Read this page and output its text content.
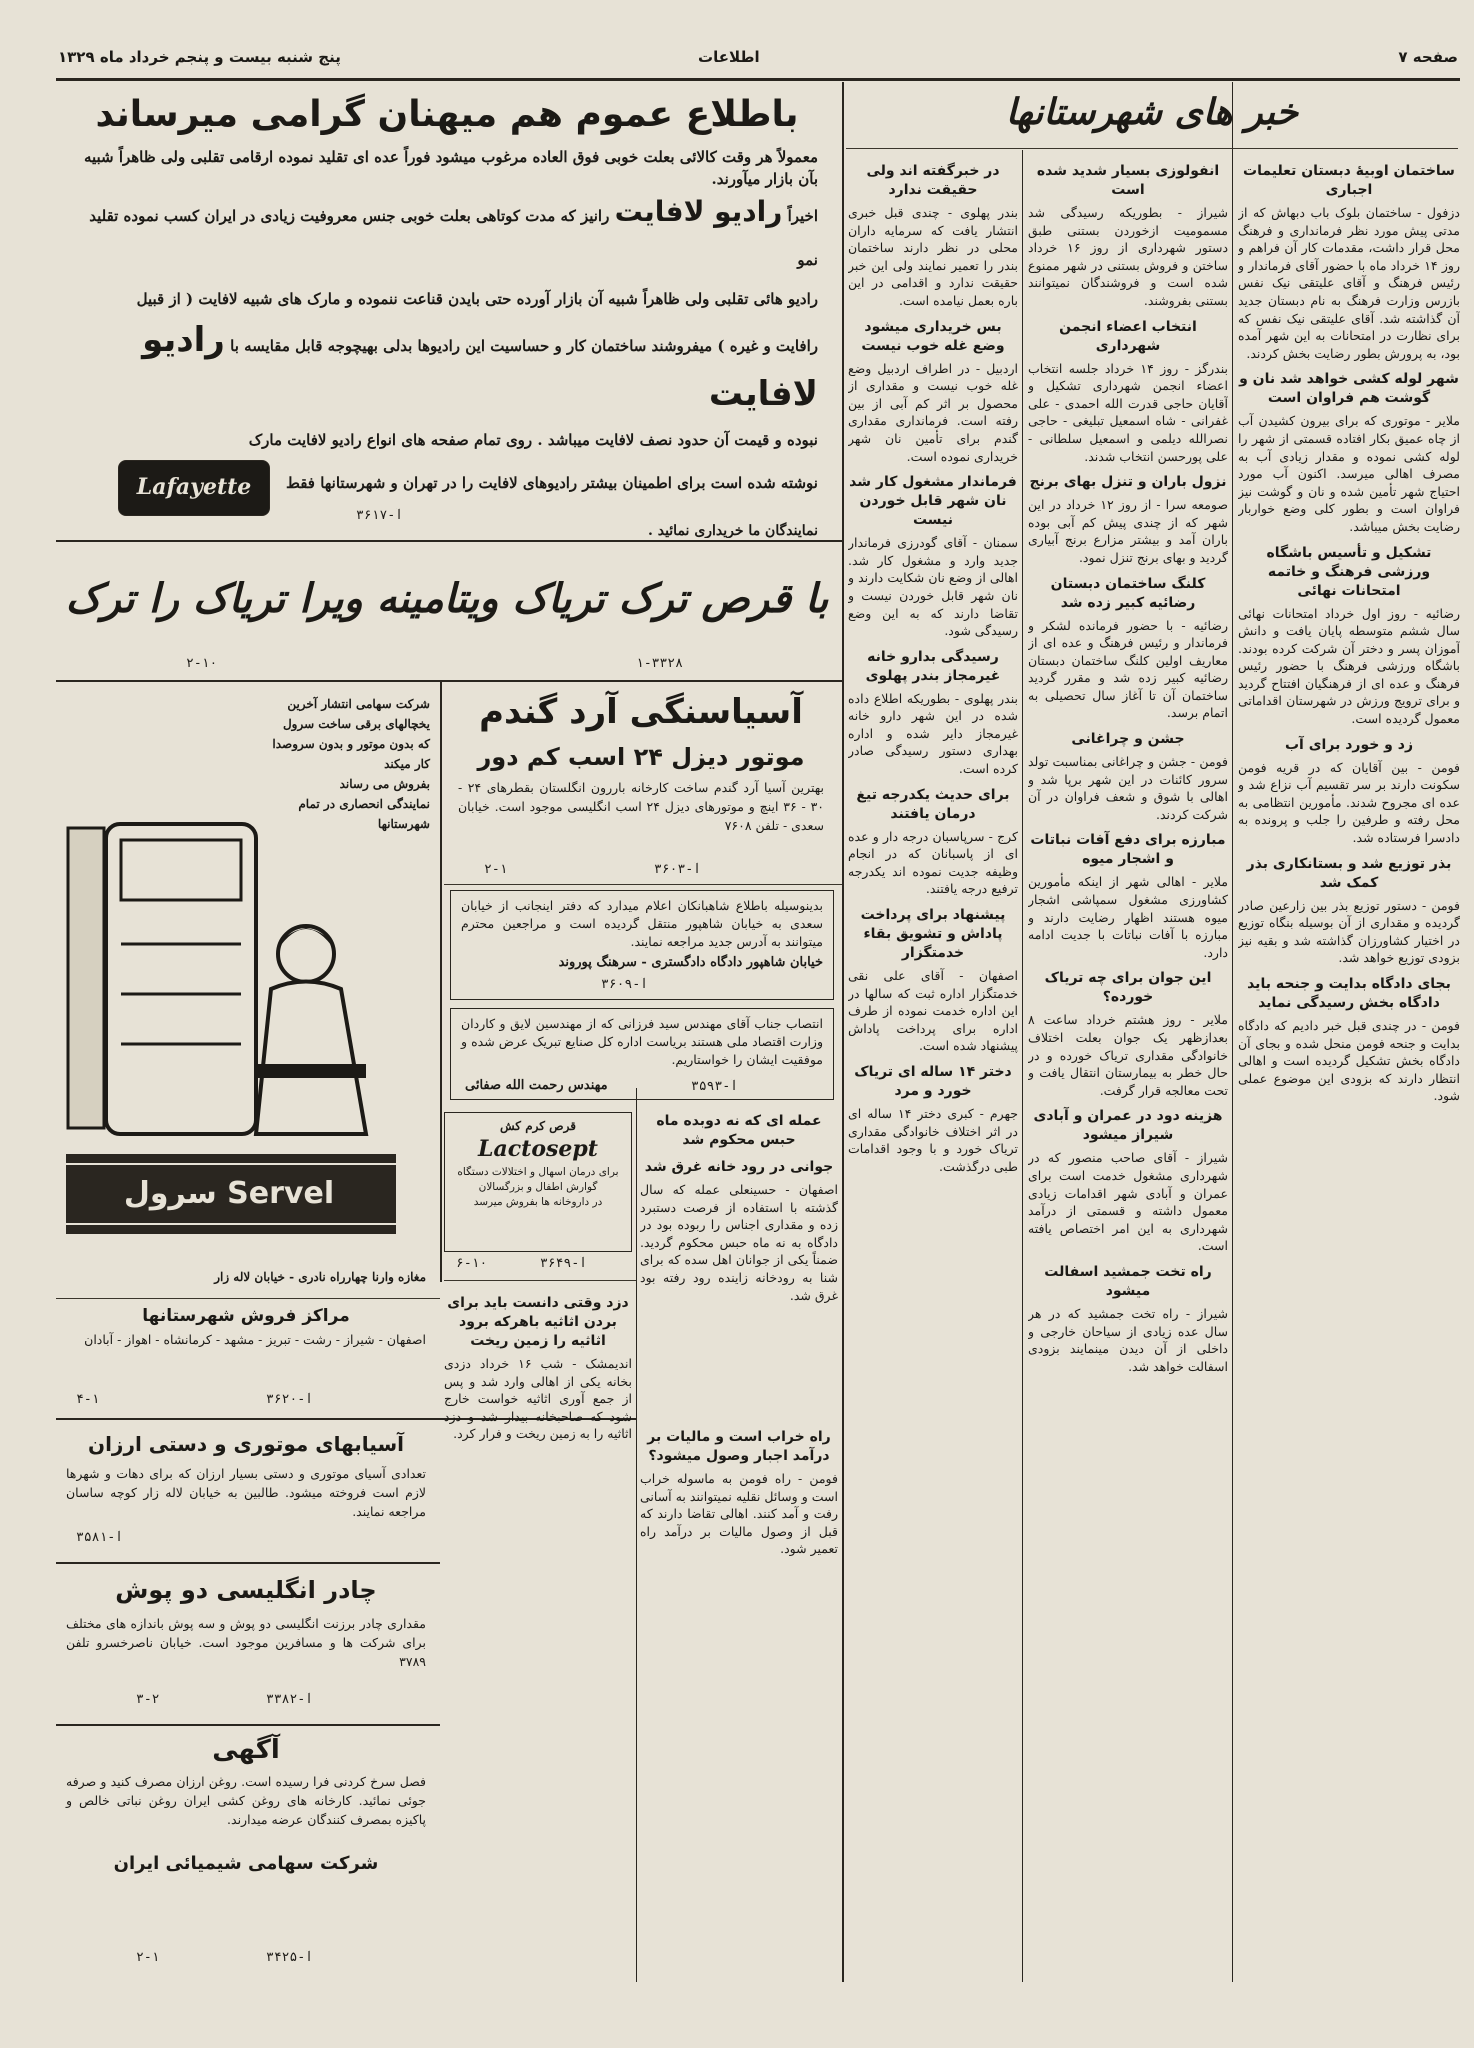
صفحه ۷
اطلاعات
پنج شنبه بیست و پنجم خرداد ماه ۱۳۲۹
خبر های شهرستانها
ساختمان اوبیهٔ دبستان تعلیمات اجباری

دزفول - ساختمان بلوک باب دبهاش که از مدتی پیش مورد نظر فرمانداری و فرهنگ محل قرار داشت، مقدمات کار آن فراهم و روز ۱۴ خرداد ماه با حضور آقای فرماندار و رئیس فرهنگ و آقای علیتقی نیک نفس بازرس وزارت فرهنگ به نام دبستان جدید آن گذاشته شد. آقای علیتقی نیک نفس که برای نظارت در امتحانات به این شهر آمده بود، به پرورش بطور رضایت بخش کردند.

شهر لوله کشی خواهد شد نان و گوشت هم فراوان است

ملایر - موتوری که برای بیرون کشیدن آب از چاه عمیق بکار افتاده قسمتی از شهر را لوله کشی نموده و مقدار زیادی آب به مصرف اهالی میرسد. اکنون آب مورد احتیاج شهر تأمین شده و نان و گوشت نیز فراوان است و بطور کلی وضع خواربار رضایت بخش میباشد.

تشکیل و تأسیس باشگاه ورزشی فرهنگ و خاتمه امتحانات نهائی

رضائیه - روز اول خرداد امتحانات نهائی سال ششم متوسطه پایان یافت و دانش آموزان پسر و دختر آن شرکت کرده بودند. باشگاه ورزشی فرهنگ با حضور رئیس فرهنگ و عده ای از فرهنگیان افتتاح گردید و برای ترویج ورزش در شهرستان اقداماتی معمول گردیده است.

زد و خورد برای آب

فومن - بین آقایان که در قریه فومن سکونت دارند بر سر تقسیم آب نزاع شد و عده ای مجروح شدند. مأمورین انتظامی به محل رفته و طرفین را جلب و پرونده به دادسرا فرستاده شد.

بذر توزیع شد و بستانکاری بذر کمک شد

فومن - دستور توزیع بذر بین زارعین صادر گردیده و مقداری از آن بوسیله بنگاه توزیع در اختیار کشاورزان گذاشته شد و بقیه نیز بزودی توزیع خواهد شد.

بجای دادگاه بدایت و جنحه باید دادگاه بخش رسیدگی نماید

فومن - در چندی قبل خبر دادیم که دادگاه بدایت و جنحه فومن منحل شده و بجای آن دادگاه بخش تشکیل گردیده است و اهالی انتظار دارند که بزودی این موضوع عملی شود.

انفولوزی بسیار شدید شده است

شیراز - بطوریکه رسیدگی شد مسمومیت ازخوردن بستنی طبق دستور شهرداری از روز ۱۶ خرداد ساختن و فروش بستنی در شهر ممنوع شده است و فروشندگان نمیتوانند بستنی بفروشند.

انتخاب اعضاء انجمن شهرداری

بندرگز - روز ۱۴ خرداد جلسه انتخاب اعضاء انجمن شهرداری تشکیل و آقایان حاجی قدرت الله احمدی - علی غفرانی - شاه اسمعیل تبلیغی - حاجی نصرالله دیلمی و اسمعیل سلطانی - علی پورحسن انتخاب شدند.

نزول باران و تنزل بهای برنج

صومعه سرا - از روز ۱۲ خرداد در این شهر که از چندی پیش کم آبی بوده باران آمد و بیشتر مزارع برنج آبیاری گردید و بهای برنج تنزل نمود.

کلنگ ساختمان دبستان رضائیه کبیر زده شد

رضائیه - با حضور فرمانده لشکر و فرماندار و رئیس فرهنگ و عده ای از معاریف اولین کلنگ ساختمان دبستان رضائیه کبیر زده شد و مقرر گردید ساختمان آن تا آغاز سال تحصیلی به اتمام برسد.

جشن و چراغانی

فومن - جشن و چراغانی بمناسبت تولد سرور کائنات در این شهر برپا شد و اهالی با شوق و شعف فراوان در آن شرکت کردند.

مبارزه برای دفع آفات نباتات و اشجار میوه

ملایر - اهالی شهر از اینکه مأمورین کشاورزی مشغول سمپاشی اشجار میوه هستند اظهار رضایت دارند و مبارزه با آفات نباتات با جدیت ادامه دارد.

این جوان برای چه تریاک خورده؟

ملایر - روز هشتم خرداد ساعت ۸ بعدازظهر یک جوان بعلت اختلاف خانوادگی مقداری تریاک خورده و در حال خطر به بیمارستان انتقال یافت و تحت معالجه قرار گرفت.

هزینه دود در عمران و آبادی شیراز میشود

شیراز - آقای صاحب منصور که در شهرداری مشغول خدمت است برای عمران و آبادی شهر اقدامات زیادی معمول داشته و قسمتی از درآمد شهرداری به این امر اختصاص یافته است.

راه تخت جمشید اسفالت میشود

شیراز - راه تخت جمشید که در هر سال عده زیادی از سیاحان خارجی و داخلی از آن دیدن مینمایند بزودی اسفالت خواهد شد.

در خبرگفته اند ولی حقیقت ندارد

بندر پهلوی - چندی قبل خبری انتشار یافت که سرمایه داران محلی در نظر دارند ساختمان بندر را تعمیر نمایند ولی این خبر حقیقت ندارد و اقدامی در این باره بعمل نیامده است.

بس خریداری میشود وضع غله خوب نیست

اردبیل - در اطراف اردبیل وضع غله خوب نیست و مقداری از محصول بر اثر کم آبی از بین رفته است. فرمانداری مقداری گندم برای تأمین نان شهر خریداری نموده است.

فرماندار مشغول کار شد نان شهر قابل خوردن نیست

سمنان - آقای گودرزی فرماندار جدید وارد و مشغول کار شد. اهالی از وضع نان شکایت دارند و نان شهر قابل خوردن نیست و تقاضا دارند که به این وضع رسیدگی شود.

رسیدگی بدارو خانه غیرمجاز بندر پهلوی

بندر پهلوی - بطوریکه اطلاع داده شده در این شهر دارو خانه غیرمجاز دایر شده و اداره بهداری دستور رسیدگی صادر کرده است.

برای حدیث یکدرجه تیغ درمان یافتند

کرج - سرپاسبان درجه دار و عده ای از پاسبانان که در انجام وظیفه جدیت نموده اند یکدرجه ترفیع درجه یافتند.

پیشنهاد برای پرداخت پاداش و تشویق بقاء خدمتگزار

اصفهان - آقای علی نقی خدمتگزار اداره ثبت که سالها در این اداره خدمت نموده از طرف اداره برای پرداخت پاداش پیشنهاد شده است.

دختر ۱۴ ساله ای تریاک خورد و مرد

جهرم - کبری دختر ۱۴ ساله ای در اثر اختلاف خانوادگی مقداری تریاک خورد و با وجود اقدامات طبی درگذشت.

باطلاع عموم هم میهنان گرامی میرساند
معمولاً هر وقت کالائی بعلت خوبی فوق العاده مرغوب میشود فوراً عده ای تقلید نموده ارقامی تقلبی ولی ظاهراً شبیه بآن بازار میآورند.
اخیراً رادیو لافایت رانیز که مدت کوتاهی بعلت خوبی جنس معروفیت زیادی در ایران کسب نموده تقلید نمو
رادیو هائی تقلبی ولی ظاهراً شبیه آن بازار آورده حتی بایدن قناعت ننموده و مارک های شبیه لافایت ( از قبیل
رافایت و غیره ) میفروشند ساختمان کار و حساسیت این رادیوها بدلی بهیچوجه قابل مقایسه با رادیو لافایت
نبوده و قیمت آن حدود نصف لافایت میباشد . روی تمام صفحه های انواع رادیو لافایت مارک
نوشته شده است برای اطمینان بیشتر رادیوهای لافایت را در تهران و شهرستانها فقط
Lafayette
نمایندگان ما خریداری نمائید .
آ-۳۶۱۷
با قرص ترک تریاک ویتامینه ویرا تریاک را ترک
۱-۳۳۲۸
۲-۱۰
شرکت سهامی انتشار آخرین
یخچالهای برقی ساخت سرول
که بدون موتور و بدون سروصدا کار میکند
بفروش می رساند
نمایندگی انحصاری در تمام شهرستانها
Servel سرول
مغازه وارنا چهارراه نادری - خیابان لاله زار
مراکز فروش شهرستانها
اصفهان - شیراز - رشت - تبریز - مشهد - کرمانشاه - اهواز - آبادان
آ-۳۶۲۰
۴-۱
آسیاسنگی آرد گندم
موتور دیزل ۲۴ اسب کم دور
بهترین آسیا آرد گندم ساخت کارخانه باررون انگلستان بقطرهای ۲۴ - ۳۰ - ۳۶ اینچ و موتورهای دیزل ۲۴ اسب انگلیسی موجود است. خیابان سعدی - تلفن ۷۶۰۸
آ-۳۶۰۳
۲-۱
بدینوسیله باطلاع شاهبانکان اعلام میدارد که دفتر اینجانب از خیابان سعدی به خیابان شاهپور منتقل گردیده است و مراجعین محترم میتوانند به آدرس جدید مراجعه نمایند.
خیابان شاهپور دادگاه دادگستری - سرهنگ پوروند
آ-۳۶۰۹
انتصاب جناب آقای مهندس سید فرزانی که از مهندسین لایق و کاردان وزارت اقتصاد ملی هستند بریاست اداره کل صنایع تبریک عرض شده و موفقیت ایشان را خواستاریم.
مهندس رحمت الله صفائی	آ-۳۵۹۳
قرص کرم کش
Lactosept
برای درمان اسهال و اختلالات دستگاه گوارش اطفال و بزرگسالان
در داروخانه ها بفروش میرسد
آ-۳۶۴۹
۶-۱۰
عمله ای که نه دوبده ماه حبس محکوم شد
جوانی در رود خانه غرق شد

اصفهان - حسینعلی عمله که سال گذشته با استفاده از فرصت دستبرد زده و مقداری اجناس را ربوده بود در دادگاه به نه ماه حبس محکوم گردید. ضمناً یکی از جوانان اهل سده که برای شنا به رودخانه زاینده رود رفته بود غرق شد.

دزد وقتی دانست باید برای بردن اثاثیه باهرکه برود اثاثیه را زمین ریخت

اندیمشک - شب ۱۶ خرداد دزدی بخانه یکی از اهالی وارد شد و پس از جمع آوری اثاثیه خواست خارج شود که صاحبخانه بیدار شد و دزد اثاثیه را به زمین ریخت و فرار کرد.	راه خراب است و مالیات بر درآمد اجبار وصول میشود؟

فومن - راه فومن به ماسوله خراب است و وسائل نقلیه نمیتوانند به آسانی رفت و آمد کنند. اهالی تقاضا دارند که قبل از وصول مالیات بر درآمد راه تعمیر شود.

آسیابهای موتوری و دستی ارزان
تعدادی آسیای موتوری و دستی بسیار ارزان که برای دهات و شهرها لازم است فروخته میشود. طالبین به خیابان لاله زار کوچه ساسان مراجعه نمایند.
آ-۳۵۸۱
چادر انگلیسی دو پوش
مقداری چادر برزنت انگلیسی دو پوش و سه پوش باندازه های مختلف برای شرکت ها و مسافرین موجود است. خیابان ناصرخسرو تلفن ۳۷۸۹
آ-۳۳۸۲
۳-۲
آگهی
فصل سرخ کردنی فرا رسیده است. روغن ارزان مصرف کنید و صرفه جوئی نمائید. کارخانه های روغن کشی ایران روغن نباتی خالص و پاکیزه بمصرف کنندگان عرضه میدارند.
شرکت سهامی شیمیائی ایران
آ-۳۴۲۵
۲-۱
